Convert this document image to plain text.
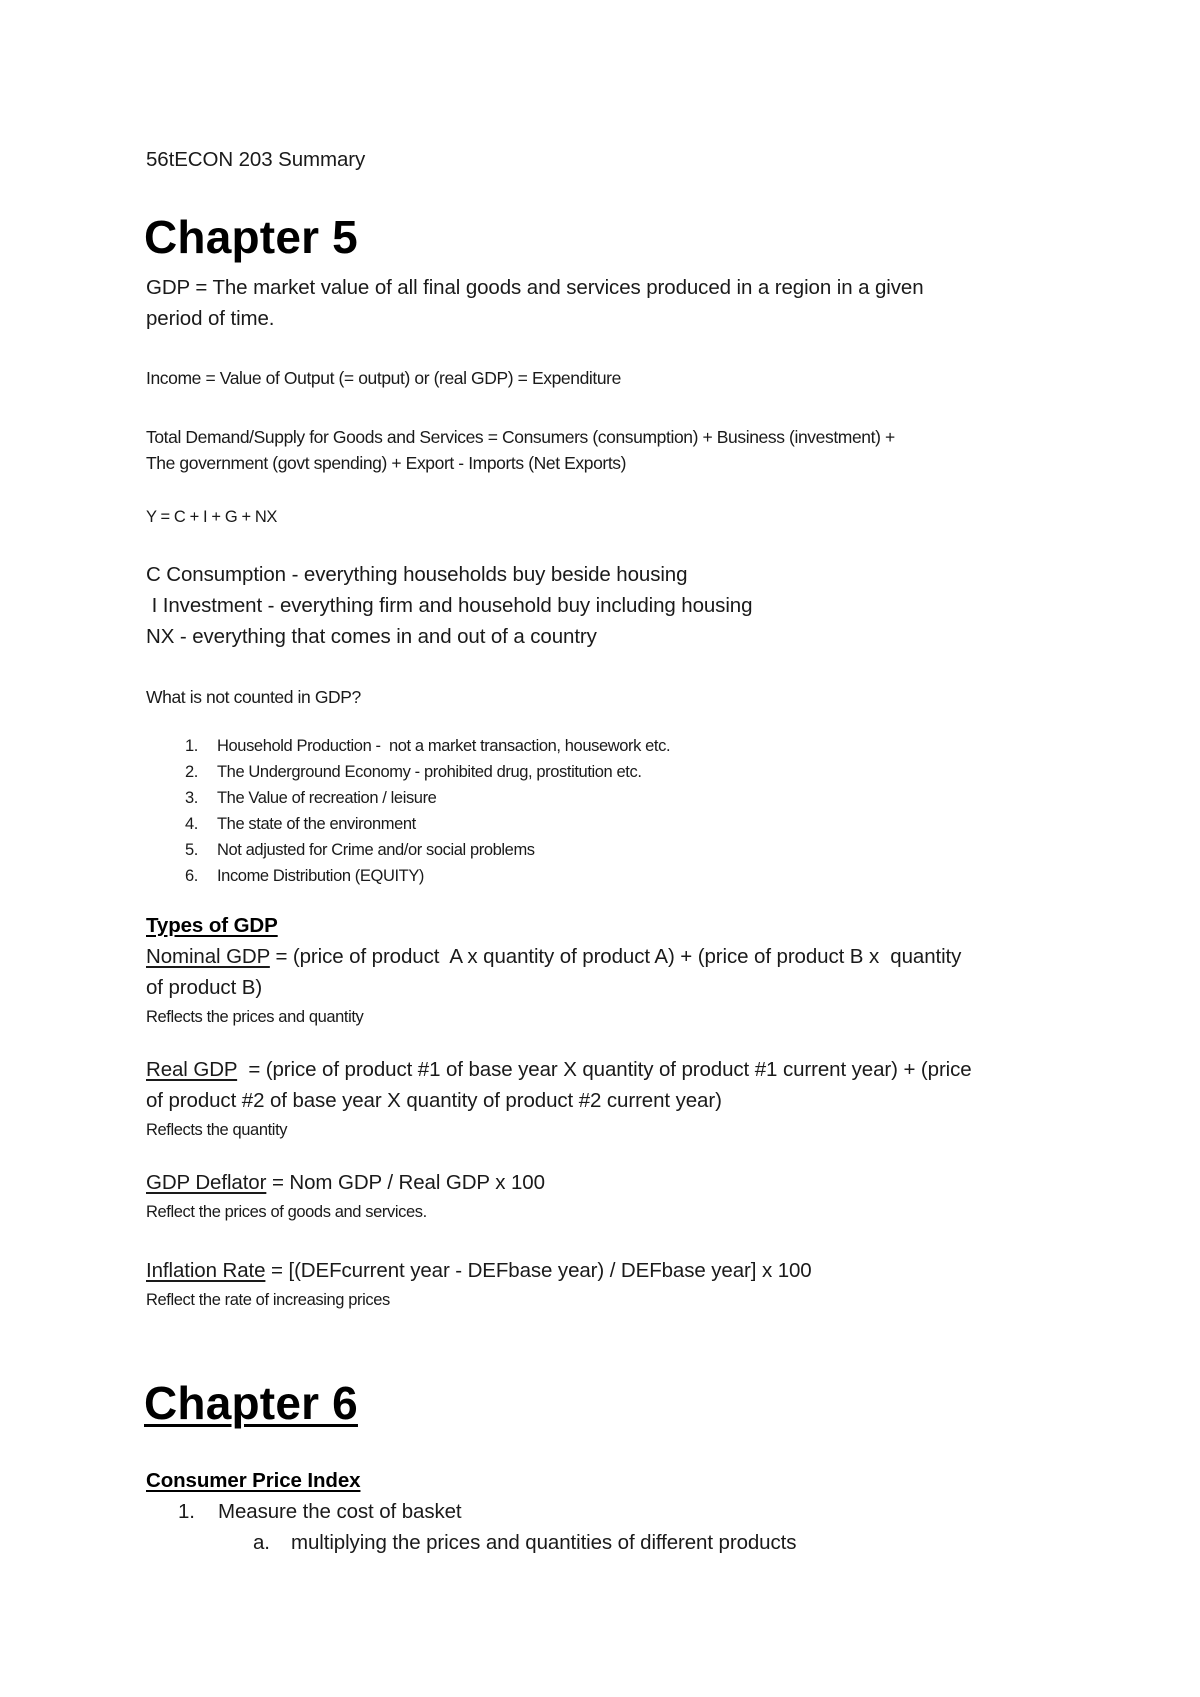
56tECON 203 Summary
Chapter 5
GDP = The market value of all final goods and services produced in a region in a given
period of time.
Income = Value of Output (= output) or (real GDP) = Expenditure
Total Demand/Supply for Goods and Services = Consumers (consumption) + Business (investment) +
The government (govt spending) + Export - Imports (Net Exports)
Y = C + I + G + NX
C Consumption - everything households buy beside housing
I Investment - everything firm and household buy including housing
NX - everything that comes in and out of a country
What is not counted in GDP?
1. Household Production -  not a market transaction, housework etc.
2. The Underground Economy - prohibited drug, prostitution etc.
3. The Value of recreation / leisure
4. The state of the environment
5. Not adjusted for Crime and/or social problems
6. Income Distribution (EQUITY)
Types of GDP
Nominal GDP = (price of product  A x quantity of product A) + (price of product B x  quantity
of product B)
Reflects the prices and quantity
Real GDP  = (price of product #1 of base year X quantity of product #1 current year) + (price
of product #2 of base year X quantity of product #2 current year)
Reflects the quantity
GDP Deflator = Nom GDP / Real GDP x 100
Reflect the prices of goods and services.
Inflation Rate = [(DEFcurrent year - DEFbase year) / DEFbase year] x 100
Reflect the rate of increasing prices
Chapter 6
Consumer Price Index
1. Measure the cost of basket
a. multiplying the prices and quantities of different products
